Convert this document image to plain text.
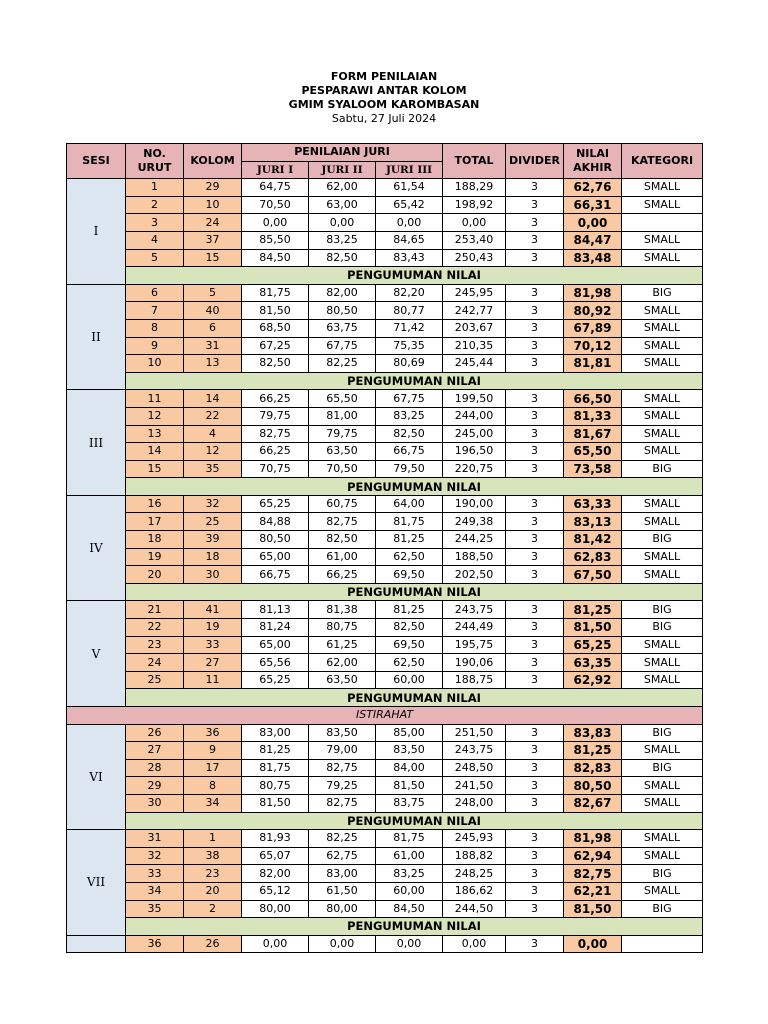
FORM PENILAIAN
PESPARAWI ANTAR KOLOM
GMIM SYALOOM KAROMBASAN
Sabtu, 27 Juli 2024
SESI	NO. URUT	KOLOM	PENILAIAN JURI			TOTAL	DIVIDER	NILAI AKHIR	KATEGORI
			JURI I	JURI II	JURI III				
I	1	29	64,75	62,00	61,54	188,29	3	62,76	SMALL
	2	10	70,50	63,00	65,42	198,92	3	66,31	SMALL
	3	24	0,00	0,00	0,00	0,00	3	0,00	
	4	37	85,50	83,25	84,65	253,40	3	84,47	SMALL
	5	15	84,50	82,50	83,43	250,43	3	83,48	SMALL
	PENGUMUMAN NILAI								
II	6	5	81,75	82,00	82,20	245,95	3	81,98	BIG
	7	40	81,50	80,50	80,77	242,77	3	80,92	SMALL
	8	6	68,50	63,75	71,42	203,67	3	67,89	SMALL
	9	31	67,25	67,75	75,35	210,35	3	70,12	SMALL
	10	13	82,50	82,25	80,69	245,44	3	81,81	SMALL
	PENGUMUMAN NILAI								
III	11	14	66,25	65,50	67,75	199,50	3	66,50	SMALL
	12	22	79,75	81,00	83,25	244,00	3	81,33	SMALL
	13	4	82,75	79,75	82,50	245,00	3	81,67	SMALL
	14	12	66,25	63,50	66,75	196,50	3	65,50	SMALL
	15	35	70,75	70,50	79,50	220,75	3	73,58	BIG
	PENGUMUMAN NILAI								
IV	16	32	65,25	60,75	64,00	190,00	3	63,33	SMALL
	17	25	84,88	82,75	81,75	249,38	3	83,13	SMALL
	18	39	80,50	82,50	81,25	244,25	3	81,42	BIG
	19	18	65,00	61,00	62,50	188,50	3	62,83	SMALL
	20	30	66,75	66,25	69,50	202,50	3	67,50	SMALL
	PENGUMUMAN NILAI								
V	21	41	81,13	81,38	81,25	243,75	3	81,25	BIG
	22	19	81,24	80,75	82,50	244,49	3	81,50	BIG
	23	33	65,00	61,25	69,50	195,75	3	65,25	SMALL
	24	27	65,56	62,00	62,50	190,06	3	63,35	SMALL
	25	11	65,25	63,50	60,00	188,75	3	62,92	SMALL
	PENGUMUMAN NILAI								
ISTIRAHAT									
VI	26	36	83,00	83,50	85,00	251,50	3	83,83	BIG
	27	9	81,25	79,00	83,50	243,75	3	81,25	SMALL
	28	17	81,75	82,75	84,00	248,50	3	82,83	BIG
	29	8	80,75	79,25	81,50	241,50	3	80,50	SMALL
	30	34	81,50	82,75	83,75	248,00	3	82,67	SMALL
	PENGUMUMAN NILAI								
VII	31	1	81,93	82,25	81,75	245,93	3	81,98	SMALL
	32	38	65,07	62,75	61,00	188,82	3	62,94	SMALL
	33	23	82,00	83,00	83,25	248,25	3	82,75	BIG
	34	20	65,12	61,50	60,00	186,62	3	62,21	SMALL
	35	2	80,00	80,00	84,50	244,50	3	81,50	BIG
	PENGUMUMAN NILAI								
	36	26	0,00	0,00	0,00	0,00	3	0,00	
